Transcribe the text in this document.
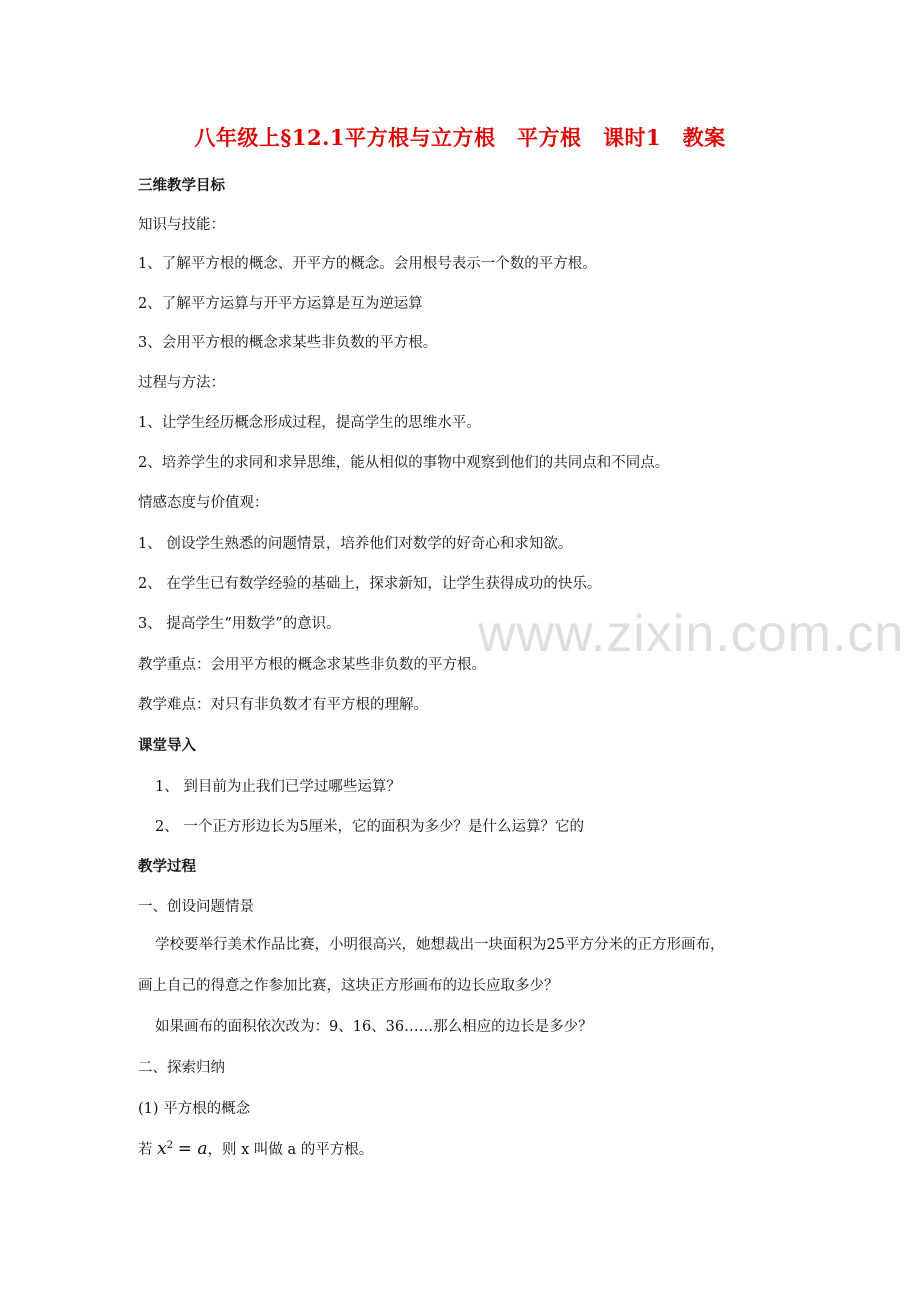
八年级上§12.1平方根与立方根　平方根　课时1　教案
三维教学目标
知识与技能：
1、了解平方根的概念、开平方的概念。会用根号表示一个数的平方根。
2、了解平方运算与开平方运算是互为逆运算
3、会用平方根的概念求某些非负数的平方根。
过程与方法：
1、让学生经历概念形成过程，提高学生的思维水平。
2、培养学生的求同和求异思维，能从相似的事物中观察到他们的共同点和不同点。
情感态度与价值观：
1、 创设学生熟悉的问题情景，培养他们对数学的好奇心和求知欲。
2、 在学生已有数学经验的基础上，探求新知，让学生获得成功的快乐。
3、 提高学生“用数学”的意识。
教学重点：会用平方根的概念求某些非负数的平方根。
教学难点：对只有非负数才有平方根的理解。
课堂导入
1、 到目前为止我们已学过哪些运算？
2、 一个正方形边长为5厘米，它的面积为多少？是什么运算？它的
教学过程
一、创设问题情景
学校要举行美术作品比赛，小明很高兴，她想裁出一块面积为25平方分米的正方形画布，
画上自己的得意之作参加比赛，这块正方形画布的边长应取多少？
如果画布的面积依次改为：9、16、36……那么相应的边长是多少？
二、探索归纳
(1) 平方根的概念
若 $x^2 = a$，则 x 叫做 a 的平方根。
www.zixin.com.cn
